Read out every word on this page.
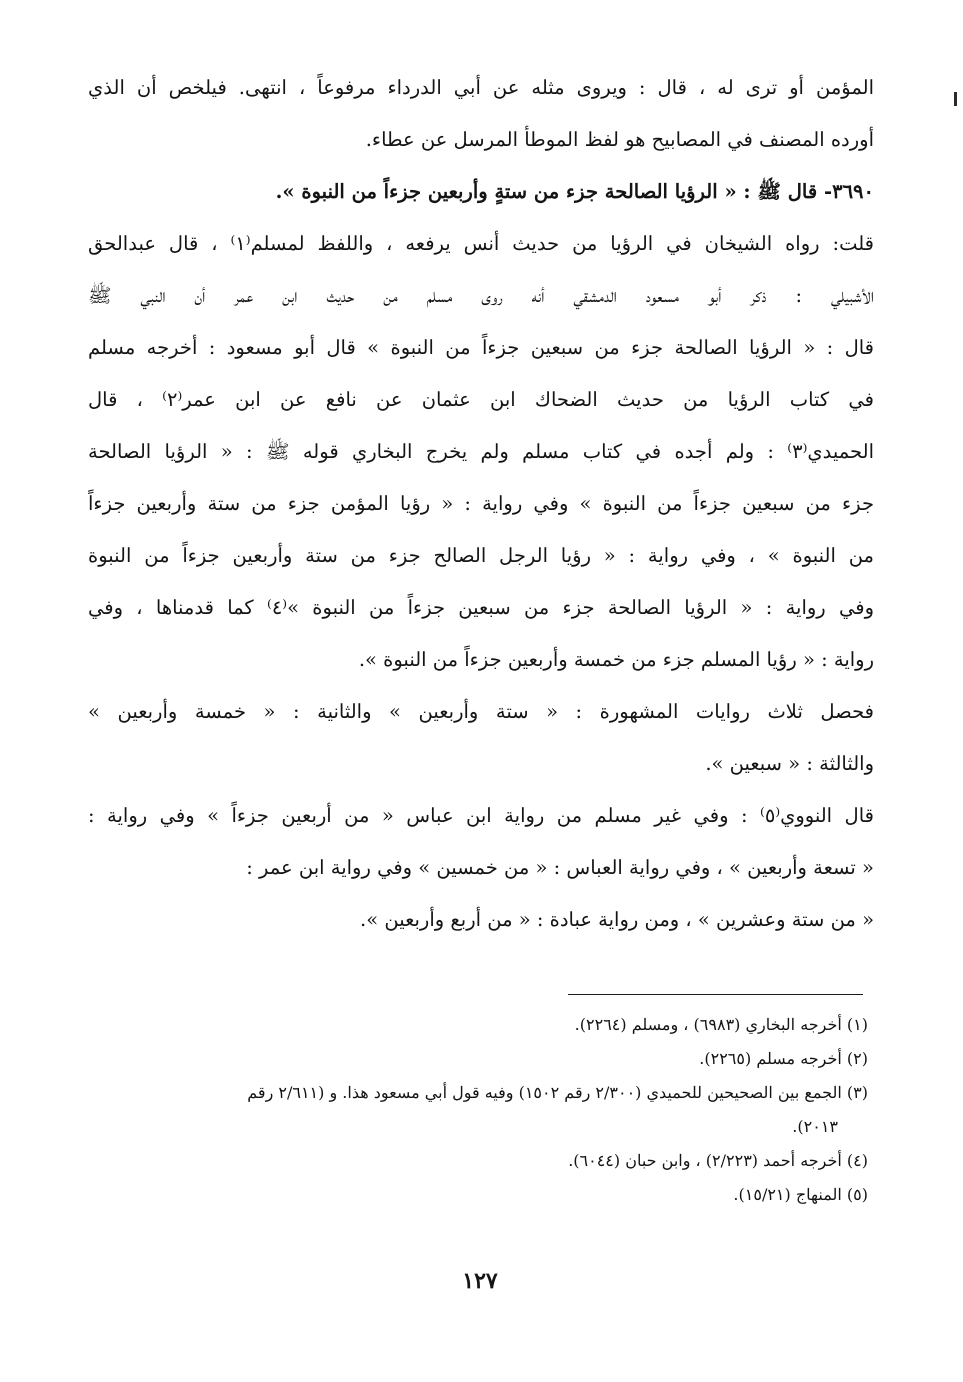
المؤمن أو ترى له ، قال : ويروى مثله عن أبي الدرداء مرفوعاً ، انتهى. فيلخص أن الذي
أورده المصنف في المصابيح هو لفظ الموطأ المرسل عن عطاء.
٣٦٩٠- قال ﷺ : « الرؤيا الصالحة جزء من ستةٍ وأربعين جزءاً من النبوة ».
قلت: رواه الشيخان في الرؤيا من حديث أنس يرفعه ، واللفظ لمسلم⁽١⁾ ، قال عبدالحق
الأشبيلي : ذكر أبو مسعود الدمشقي أنه روى مسلم من حديث ابن عمر أن النبي ﷺ
قال : « الرؤيا الصالحة جزء من سبعين جزءاً من النبوة » قال أبو مسعود : أخرجه مسلم
في كتاب الرؤيا من حديث الضحاك ابن عثمان عن نافع عن ابن عمر⁽٢⁾ ، قال
الحميدي⁽٣⁾ : ولم أجده في كتاب مسلم ولم يخرج البخاري قوله ﷺ : « الرؤيا الصالحة
جزء من سبعين جزءاً من النبوة » وفي رواية : « رؤيا المؤمن جزء من ستة وأربعين جزءاً
من النبوة » ، وفي رواية : « رؤيا الرجل الصالح جزء من ستة وأربعين جزءاً من النبوة
وفي رواية : « الرؤيا الصالحة جزء من سبعين جزءاً من النبوة »⁽٤⁾ كما قدمناها ، وفي
رواية : « رؤيا المسلم جزء من خمسة وأربعين جزءاً من النبوة ».
فحصل ثلاث روايات المشهورة : « ستة وأربعين » والثانية : « خمسة وأربعين »
والثالثة : « سبعين ».
قال النووي⁽٥⁾ : وفي غير مسلم من رواية ابن عباس « من أربعين جزءاً » وفي رواية :
« تسعة وأربعين » ، وفي رواية العباس : « من خمسين » وفي رواية ابن عمر :
« من ستة وعشرين » ، ومن رواية عبادة : « من أربع وأربعين ».
(١) أخرجه البخاري (٦٩٨٣) ، ومسلم (٢٢٦٤).
(٢) أخرجه مسلم (٢٢٦٥).
(٣) الجمع بين الصحيحين للحميدي (٢/٣٠٠ رقم ١٥٠٢) وفيه قول أبي مسعود هذا. و (٢/٦١١ رقم
٢٠١٣).
(٤) أخرجه أحمد (٢/٢٢٣) ، وابن حبان (٦٠٤٤).
(٥) المنهاج (١٥/٢١).
١٢٧
